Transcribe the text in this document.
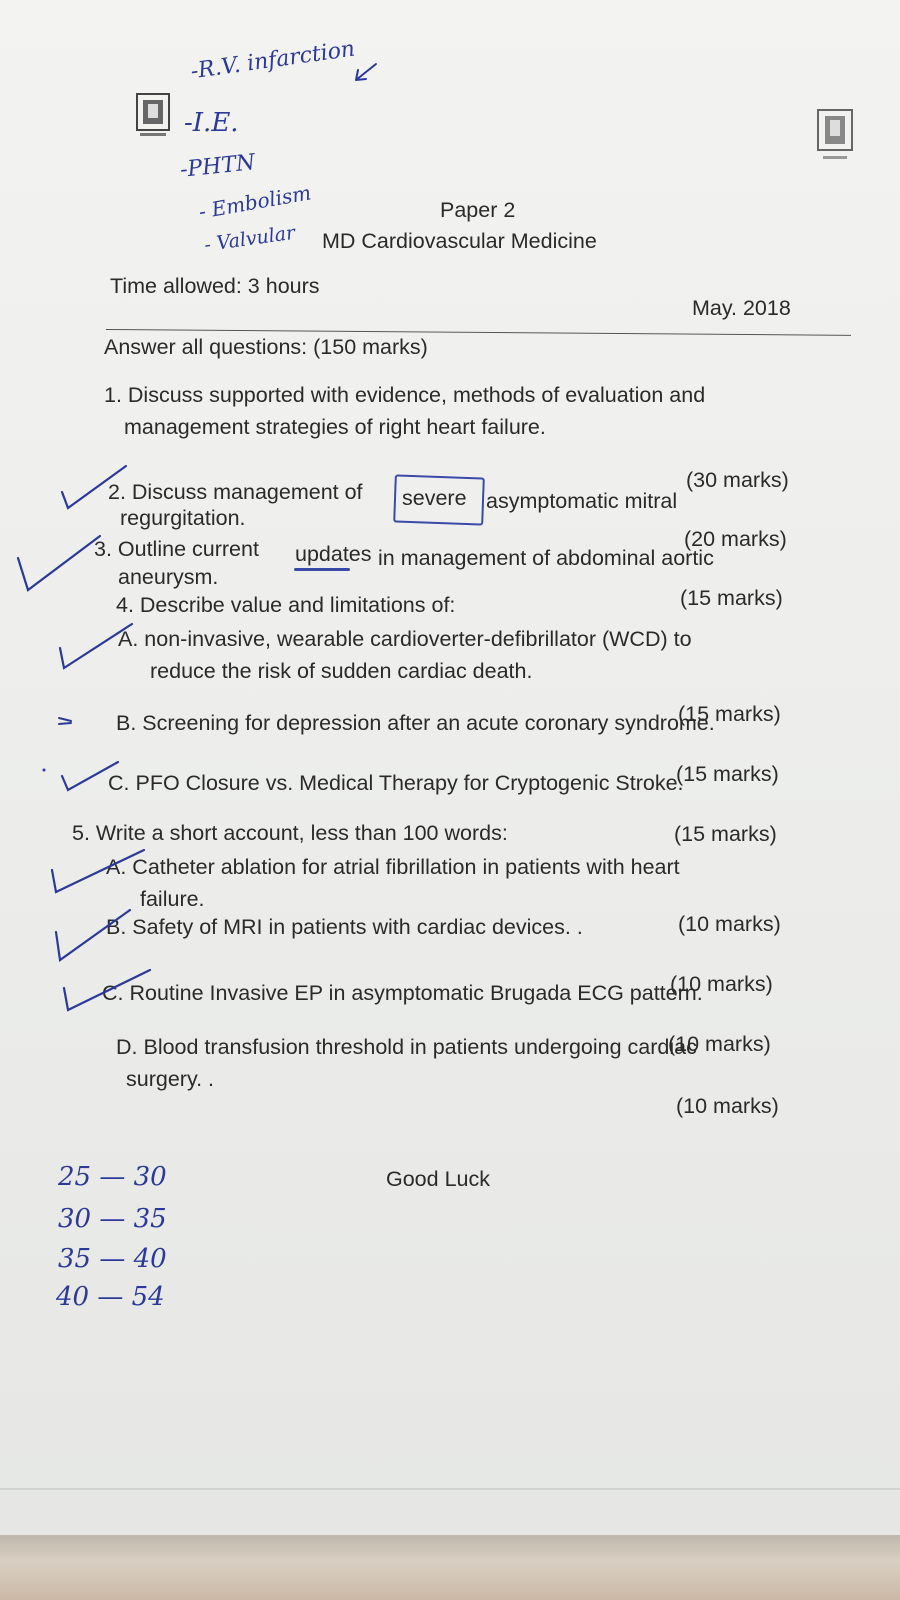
Paper 2
MD Cardiovascular Medicine
Time allowed: 3 hours
May. 2018
Answer all questions: (150 marks)
1. Discuss supported with evidence, methods of evaluation and
management strategies of right heart failure.
(30 marks)
2. Discuss management of severe asymptomatic mitral
regurgitation.
(20 marks)
3. Outline current updates in management of abdominal aortic
aneurysm.
(15 marks)
4. Describe value and limitations of:
A. non-invasive, wearable cardioverter-defibrillator (WCD) to
reduce the risk of sudden cardiac death.
(15 marks)
B. Screening for depression after an acute coronary syndrome.
(15 marks)
C. PFO Closure vs. Medical Therapy for Cryptogenic Stroke.
(15 marks)
5. Write a short account, less than 100 words:
A. Catheter ablation for atrial fibrillation in patients with heart
failure.
(10 marks)
B. Safety of MRI in patients with cardiac devices. .
(10 marks)
C. Routine Invasive EP in asymptomatic Brugada ECG pattern.
(10 marks)
D. Blood transfusion threshold in patients undergoing cardiac
surgery. .
(10 marks)
Good Luck
-R.V. infarction
-I.E.
-PHTN
- Embolism
- Valvular
25 — 30
30 — 35
35 — 40
40 — 54
